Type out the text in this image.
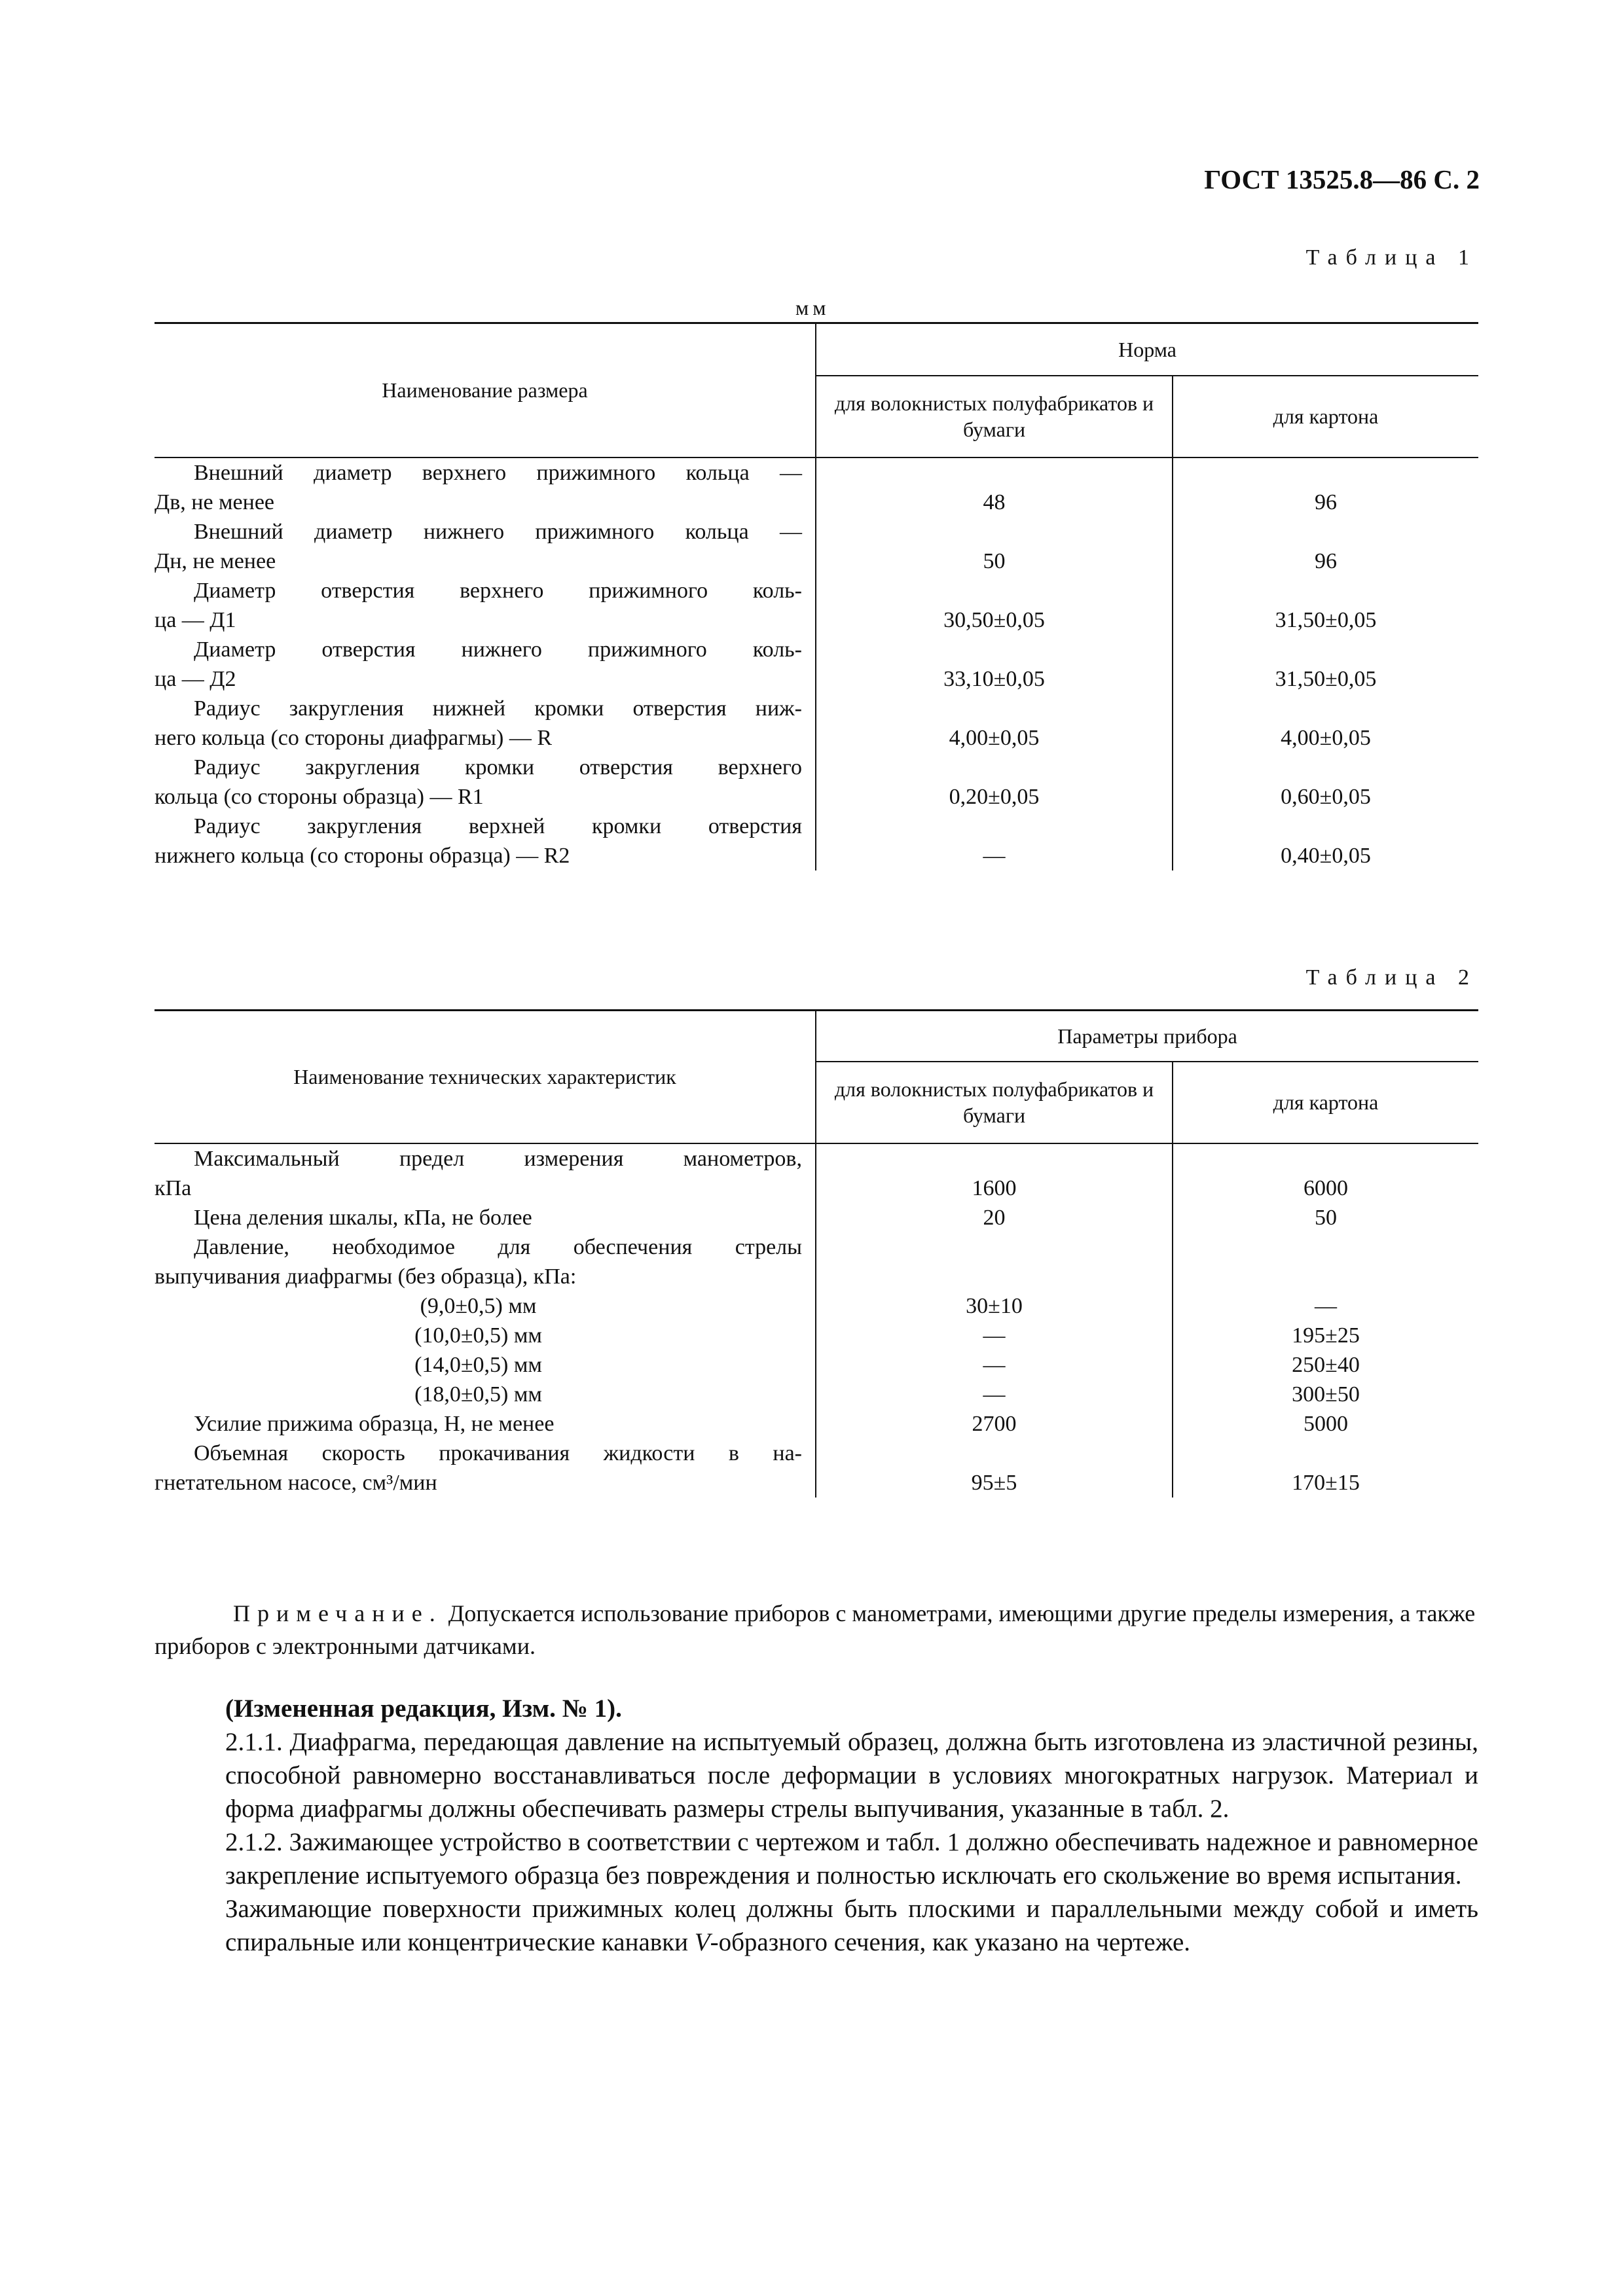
ГОСТ 13525.8—86 С. 2
Таблица 1
мм
Наименование размера	Норма	
	для волокнистых полуфабрикатов и бумаги	для картона

Внешний диаметр верхнего прижимного кольца —
Дв, не менее	48	96

Внешний диаметр нижнего прижимного кольца —
Дн, не менее	50	96

Диаметр отверстия верхнего прижимного коль-
ца — Д1	30,50±0,05	31,50±0,05

Диаметр отверстия нижнего прижимного коль-
ца — Д2	33,10±0,05	31,50±0,05

Радиус закругления нижней кромки отверстия ниж-
него кольца (со стороны диафрагмы) — R	4,00±0,05	4,00±0,05

Радиус закругления кромки отверстия верхнего
кольца (со стороны образца) — R1	0,20±0,05	0,60±0,05

Радиус закругления верхней кромки отверстия
нижнего кольца (со стороны образца) — R2	—	0,40±0,05
Таблица 2
Наименование технических характеристик	Параметры прибора	
	для волокнистых полуфабрикатов и бумаги	для картона

Максимальный предел измерения манометров,
кПа	1600	6000

Цена деления шкалы, кПа, не более	20	50

Давление, необходимое для обеспечения стрелы
выпучивания диафрагмы (без образца), кПа:		

(9,0±0,5) мм	30±10	—

(10,0±0,5) мм	—	195±25

(14,0±0,5) мм	—	250±40

(18,0±0,5) мм	—	300±50

Усилие прижима образца, Н, не менее	2700	5000

Объемная скорость прокачивания жидкости в на-
гнетательном насосе, см³/мин	95±5	170±15
Примечание. Допускается использование приборов с манометрами, имеющими другие пределы измерения, а также приборов с электронными датчиками.
(Измененная редакция, Изм. № 1).
2.1.1. Диафрагма, передающая давление на испытуемый образец, должна быть изготовлена из эластичной резины, способной равномерно восстанавливаться после деформации в условиях многократных нагрузок. Материал и форма диафрагмы должны обеспечивать размеры стрелы выпучивания, указанные в табл. 2.
2.1.2. Зажимающее устройство в соответствии с чертежом и табл. 1 должно обеспечивать надежное и равномерное закрепление испытуемого образца без повреждения и полностью исключать его скольжение во время испытания.
Зажимающие поверхности прижимных колец должны быть плоскими и параллельными между собой и иметь спиральные или концентрические канавки V-образного сечения, как указано на чертеже.
